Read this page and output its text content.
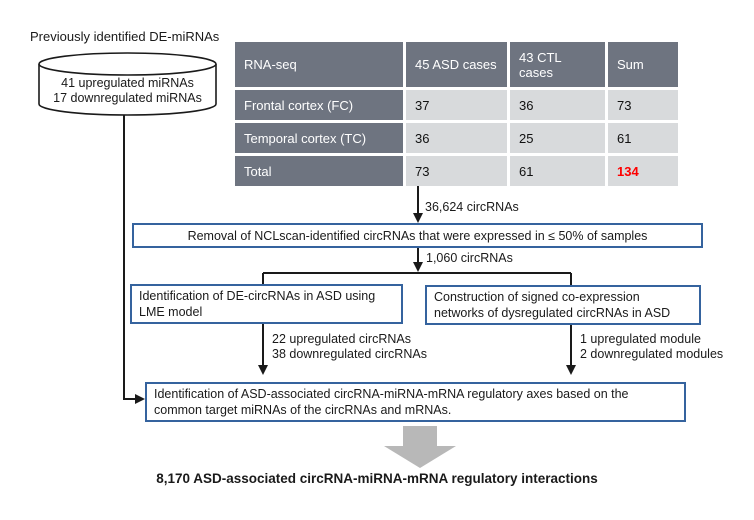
Previously identified DE-miRNAs
41 upregulated miRNAs
17 downregulated miRNAs
RNA-seq	45 ASD cases	43 CTL cases	Sum
Frontal cortex (FC)	37	36	73
Temporal cortex (TC)	36	25	61
Total	73	61	134
36,624 circRNAs
1,060 circRNAs
Removal of NCLscan-identified circRNAs that were expressed in ≤ 50% of samples
Identification of DE-circRNAs in ASD using LME model
Construction of signed co-expression networks of dysregulated circRNAs in ASD
22 upregulated circRNAs
38 downregulated circRNAs
1 upregulated module
2 downregulated modules
Identification of ASD-associated circRNA-miRNA-mRNA regulatory axes based on the common target miRNAs of the circRNAs and mRNAs.
8,170 ASD-associated circRNA-miRNA-mRNA regulatory interactions
